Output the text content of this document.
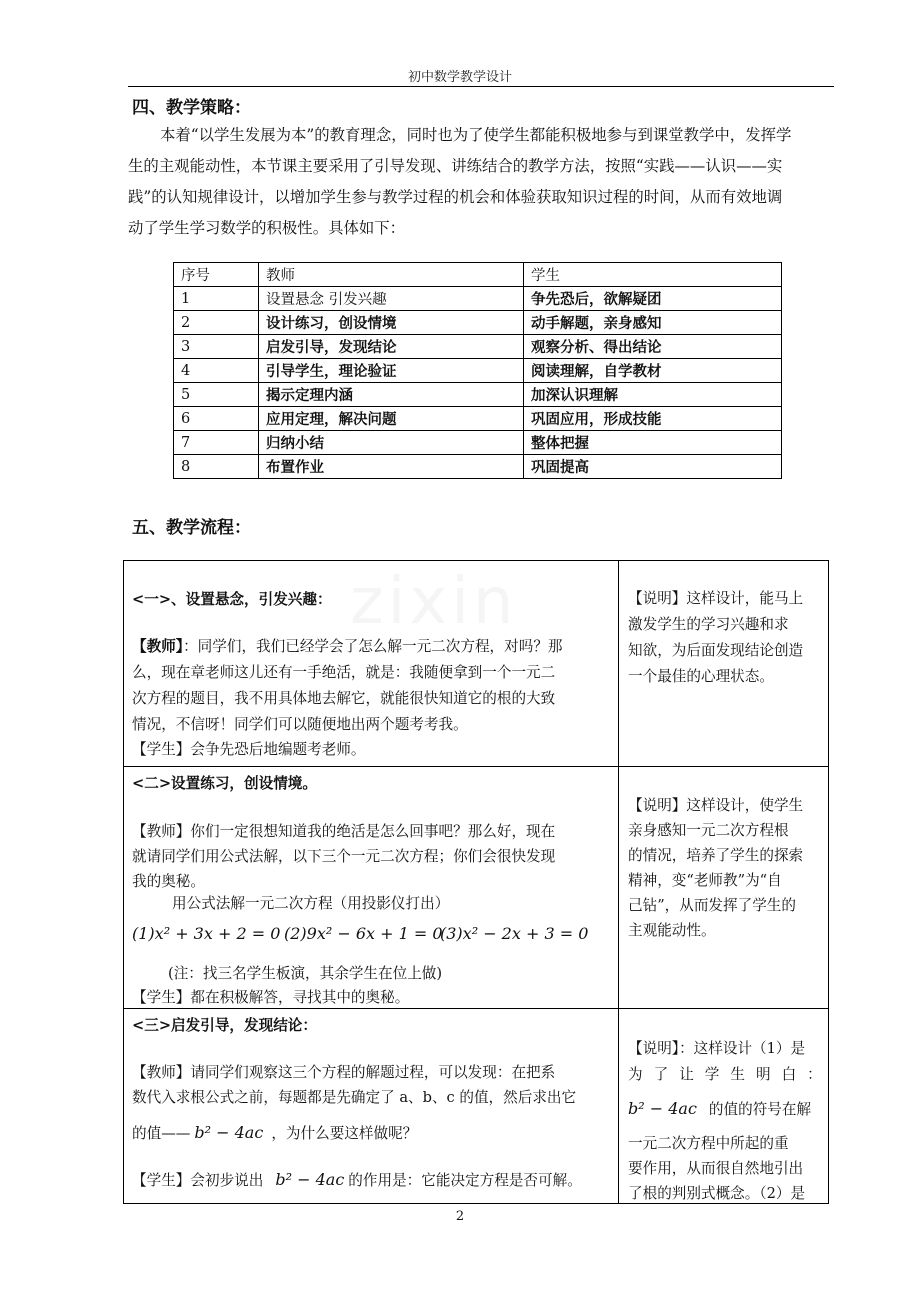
初中数学教学设计
四、教学策略：
本着“以学生发展为本”的教育理念，同时也为了使学生都能积极地参与到课堂教学中，发挥学
生的主观能动性，本节课主要采用了引导发现、讲练结合的教学方法，按照“实践——认识——实
践”的认知规律设计，以增加学生参与教学过程的机会和体验获取知识过程的时间，从而有效地调
动了学生学习数学的积极性。具体如下：
序号	教师	学生
1	设置悬念 引发兴趣	争先恐后，欲解疑团
2	设计练习，创设情境	动手解题，亲身感知
3	启发引导，发现结论	观察分析、得出结论
4	引导学生，理论验证	阅读理解，自学教材
5	揭示定理内涵	加深认识理解
6	应用定理，解决问题	巩固应用，形成技能
7	归纳小结	整体把握
8	布置作业	巩固提高
五、教学流程：
zixin
<一>、设置悬念，引发兴趣：
【教师】：同学们，我们已经学会了怎么解一元二次方程，对吗？那
么，现在章老师这儿还有一手绝活，就是：我随便拿到一个一元二
次方程的题目，我不用具体地去解它，就能很快知道它的根的大致
情况，不信呀！同学们可以随便地出两个题考考我。
【学生】会争先恐后地编题考老师。
【说明】这样设计，能马上
激发学生的学习兴趣和求
知欲，为后面发现结论创造
一个最佳的心理状态。
<二>设置练习，创设情境。
【教师】你们一定很想知道我的绝活是怎么回事吧？那么好，现在
就请同学们用公式法解，以下三个一元二次方程；你们会很快发现
我的奥秘。
用公式法解一元二次方程（用投影仪打出）
(1)x² + 3x + 2 = 0 (2)9x² − 6x + 1 = 0
(3)x² − 2x + 3 = 0
(注：找三名学生板演，其余学生在位上做)
【学生】都在积极解答，寻找其中的奥秘。
【说明】这样设计，使学生
亲身感知一元二次方程根
的情况，培养了学生的探索
精神，变“老师教”为“自
己钻”，从而发挥了学生的
主观能动性。
<三>启发引导，发现结论：
【教师】请同学们观察这三个方程的解题过程，可以发现：在把系
数代入求根公式之前，每题都是先确定了 a、b、c 的值，然后求出它
的值—— b² − 4ac ，为什么要这样做呢？
【学生】会初步说出 b² − 4ac 的作用是：它能决定方程是否可解。
【说明】：这样设计（1）是
为了让学生明白：
b² − 4ac 的值的符号在解
一元二次方程中所起的重
要作用，从而很自然地引出
了根的判别式概念。（2）是
2
